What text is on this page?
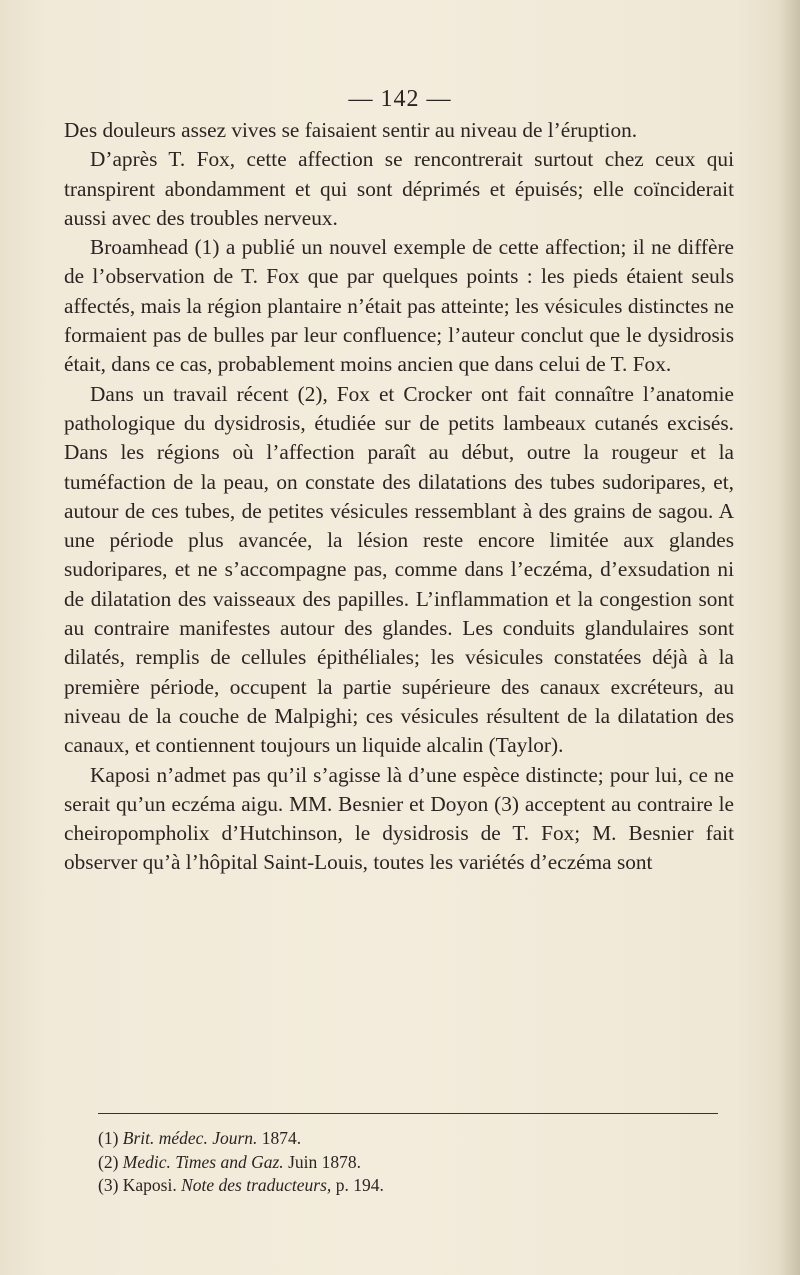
— 142 —

Des douleurs assez vives se faisaient sentir au niveau de l’éruption.

D’après T. Fox, cette affection se rencontrerait surtout chez ceux qui transpirent abondamment et qui sont déprimés et épuisés; elle coïnciderait aussi avec des troubles nerveux.

Broamhead (1) a publié un nouvel exemple de cette affection; il ne diffère de l’observation de T. Fox que par quelques points : les pieds étaient seuls affectés, mais la région plantaire n’était pas atteinte; les vésicules distinctes ne formaient pas de bulles par leur confluence; l’auteur conclut que le dysidrosis était, dans ce cas, probablement moins ancien que dans celui de T. Fox.

Dans un travail récent (2), Fox et Crocker ont fait connaître l’anatomie pathologique du dysidrosis, étudiée sur de petits lambeaux cutanés excisés. Dans les régions où l’affection paraît au début, outre la rougeur et la tuméfaction de la peau, on constate des dilatations des tubes sudoripares, et, autour de ces tubes, de petites vésicules ressemblant à des grains de sagou. A une période plus avancée, la lésion reste encore limitée aux glandes sudoripares, et ne s’accompagne pas, comme dans l’eczéma, d’exsudation ni de dilatation des vaisseaux des papilles. L’inflammation et la congestion sont au contraire manifestes autour des glandes. Les conduits glandulaires sont dilatés, remplis de cellules épithéliales; les vésicules constatées déjà à la première période, occupent la partie supérieure des canaux excréteurs, au niveau de la couche de Malpighi; ces vésicules résultent de la dilatation des canaux, et contiennent toujours un liquide alcalin (Taylor).

Kaposi n’admet pas qu’il s’agisse là d’une espèce distincte; pour lui, ce ne serait qu’un eczéma aigu. MM. Besnier et Doyon (3) acceptent au contraire le cheiropompholix d’Hutchinson, le dysidrosis de T. Fox; M. Besnier fait observer qu’à l’hôpital Saint-Louis, toutes les variétés d’eczéma sont

(1) Brit. médec. Journ. 1874.

(2) Medic. Times and Gaz. Juin 1878.

(3) Kaposi. Note des traducteurs, p. 194.
